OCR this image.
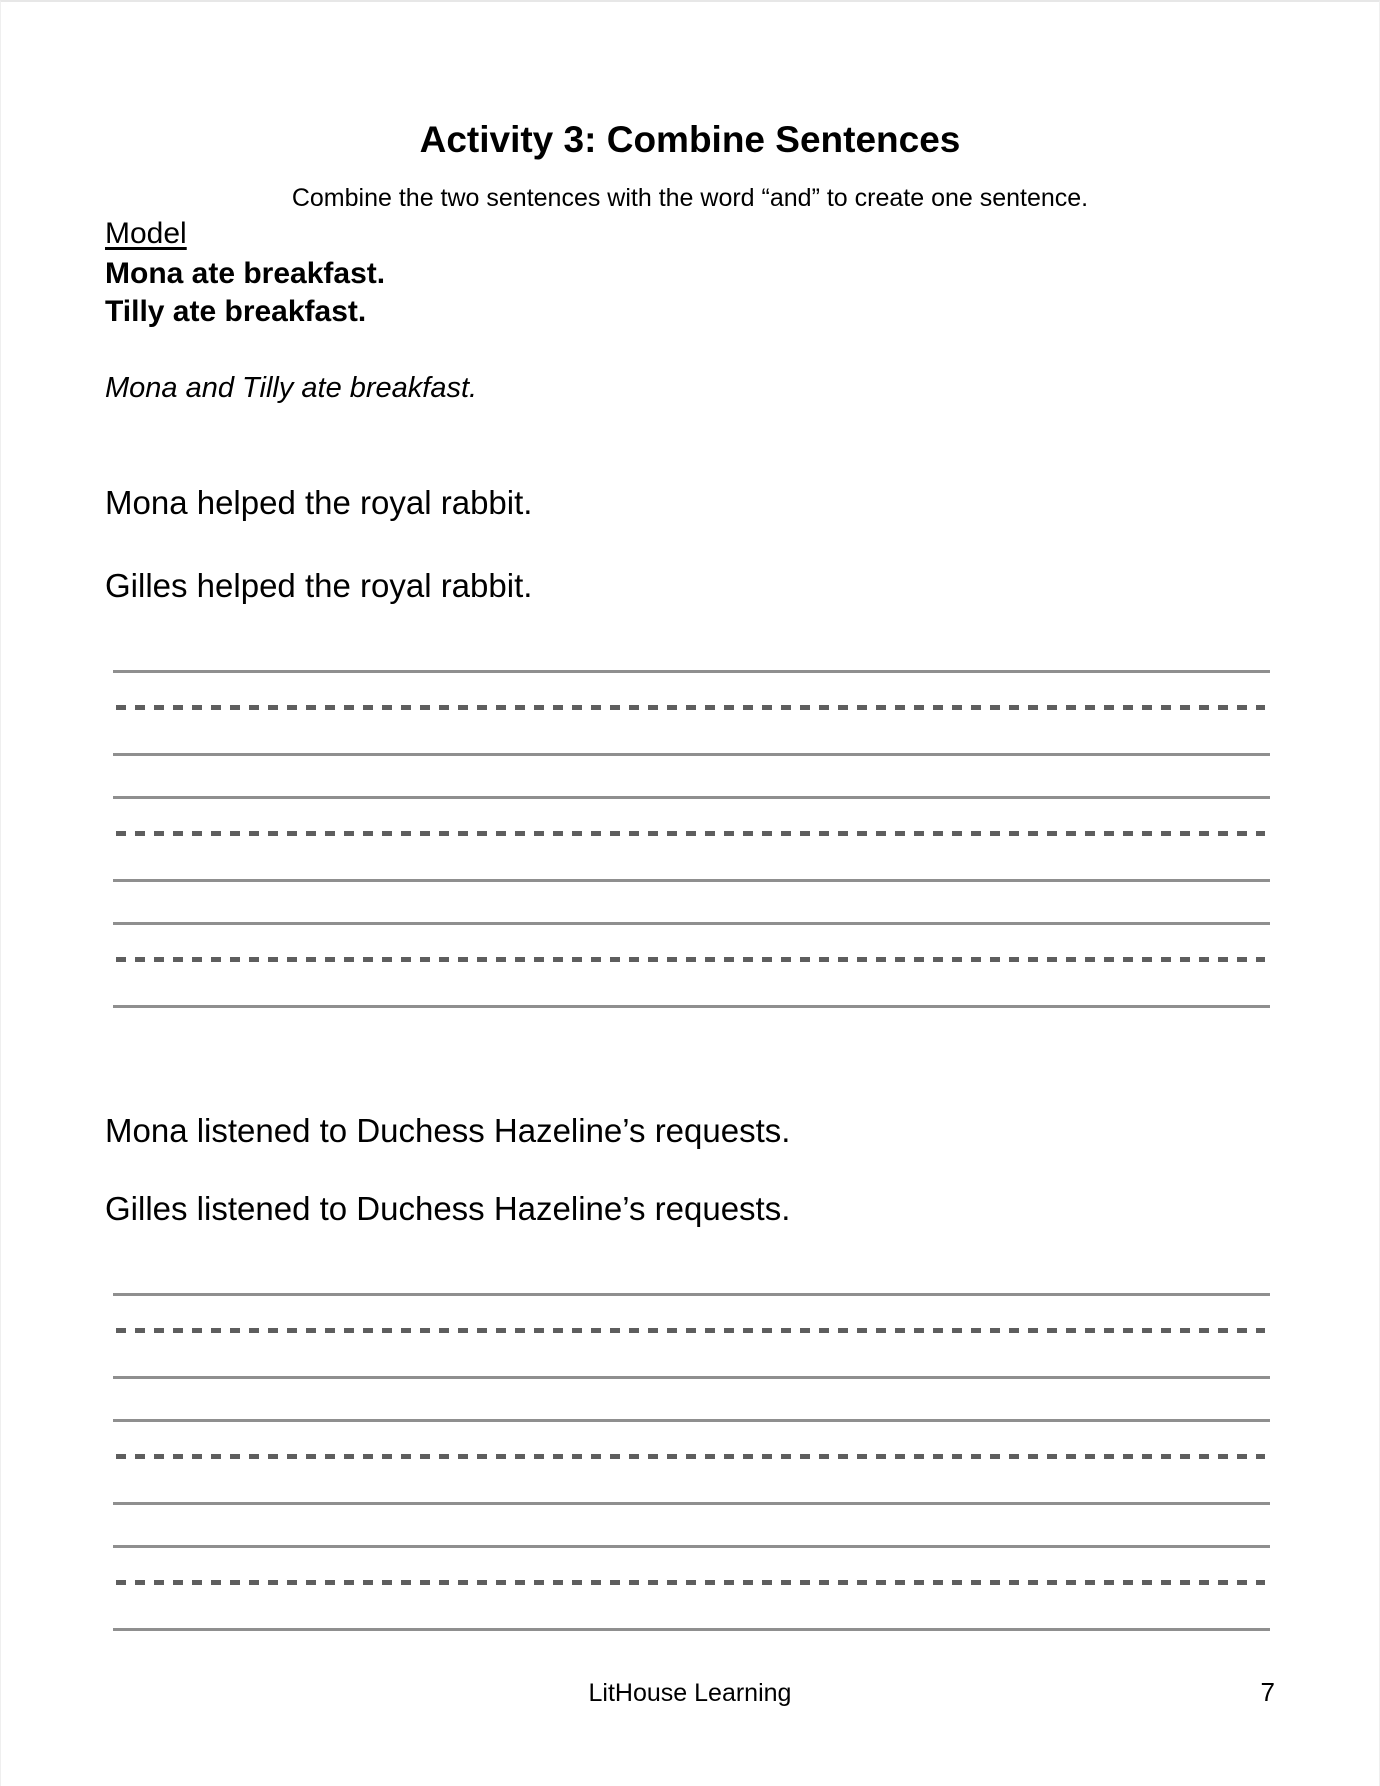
Activity 3: Combine Sentences
Combine the two sentences with the word “and” to create one sentence.
Model
Mona ate breakfast.
Tilly ate breakfast.
Mona and Tilly ate breakfast.
Mona helped the royal rabbit.
Gilles helped the royal rabbit.
Mona listened to Duchess Hazeline’s requests.
Gilles listened to Duchess Hazeline’s requests.
LitHouse Learning	7
